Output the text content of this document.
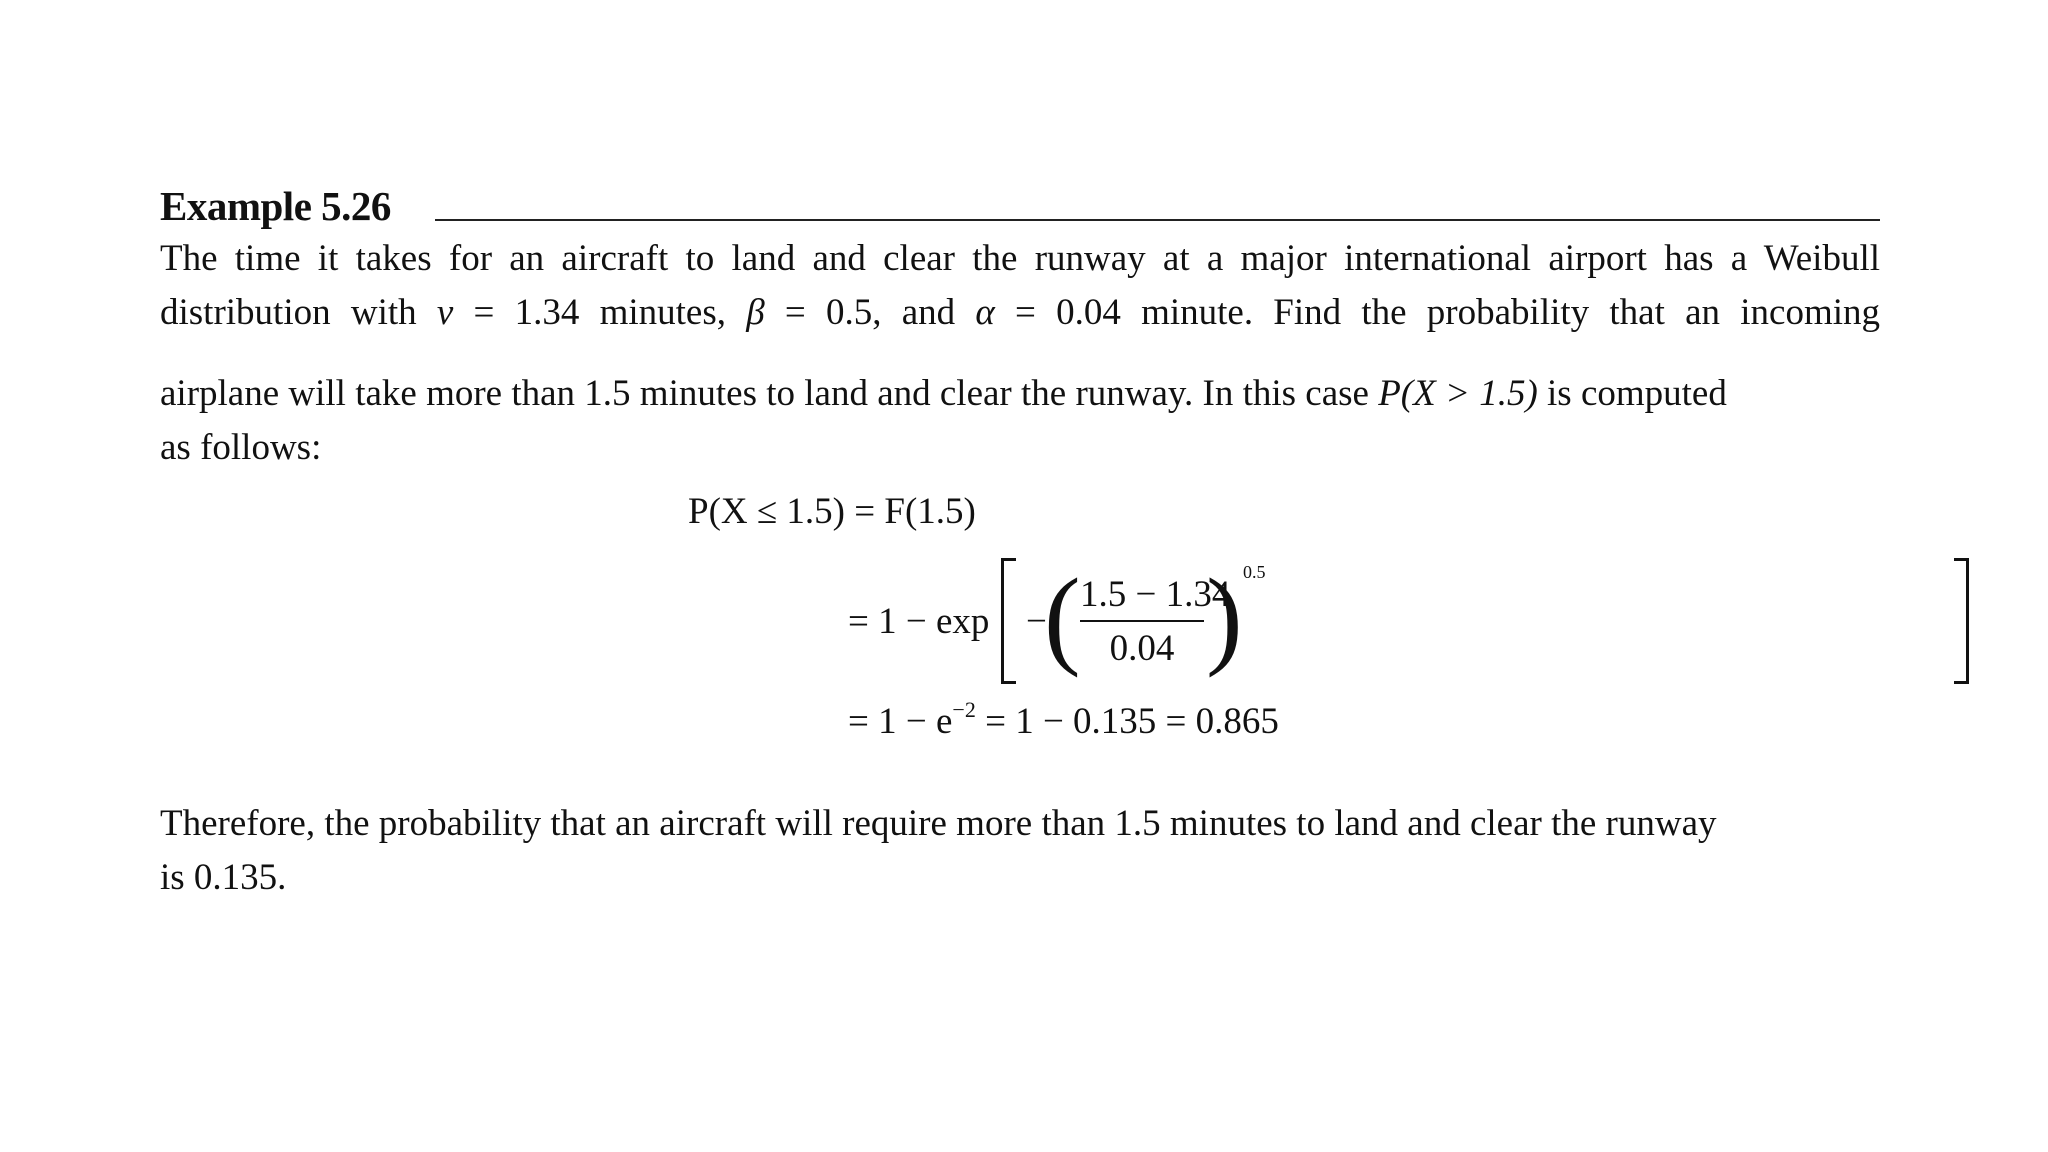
Example 5.26
The time it takes for an aircraft to land and clear the runway at a major international airport has a Weibull
distribution with v = 1.34 minutes, β = 0.5, and α = 0.04 minute. Find the probability that an incoming
airplane will take more than 1.5 minutes to land and clear the runway. In this case P(X > 1.5) is computed
as follows:
P(X ≤ 1.5) = F(1.5)
= 1 − exp −
( 1.5 − 1.34
0.04 ) 0.5
= $1 - e^{-2} = 1 - 0.135 = 0.865$
Therefore, the probability that an aircraft will require more than 1.5 minutes to land and clear the runway
is 0.135.
